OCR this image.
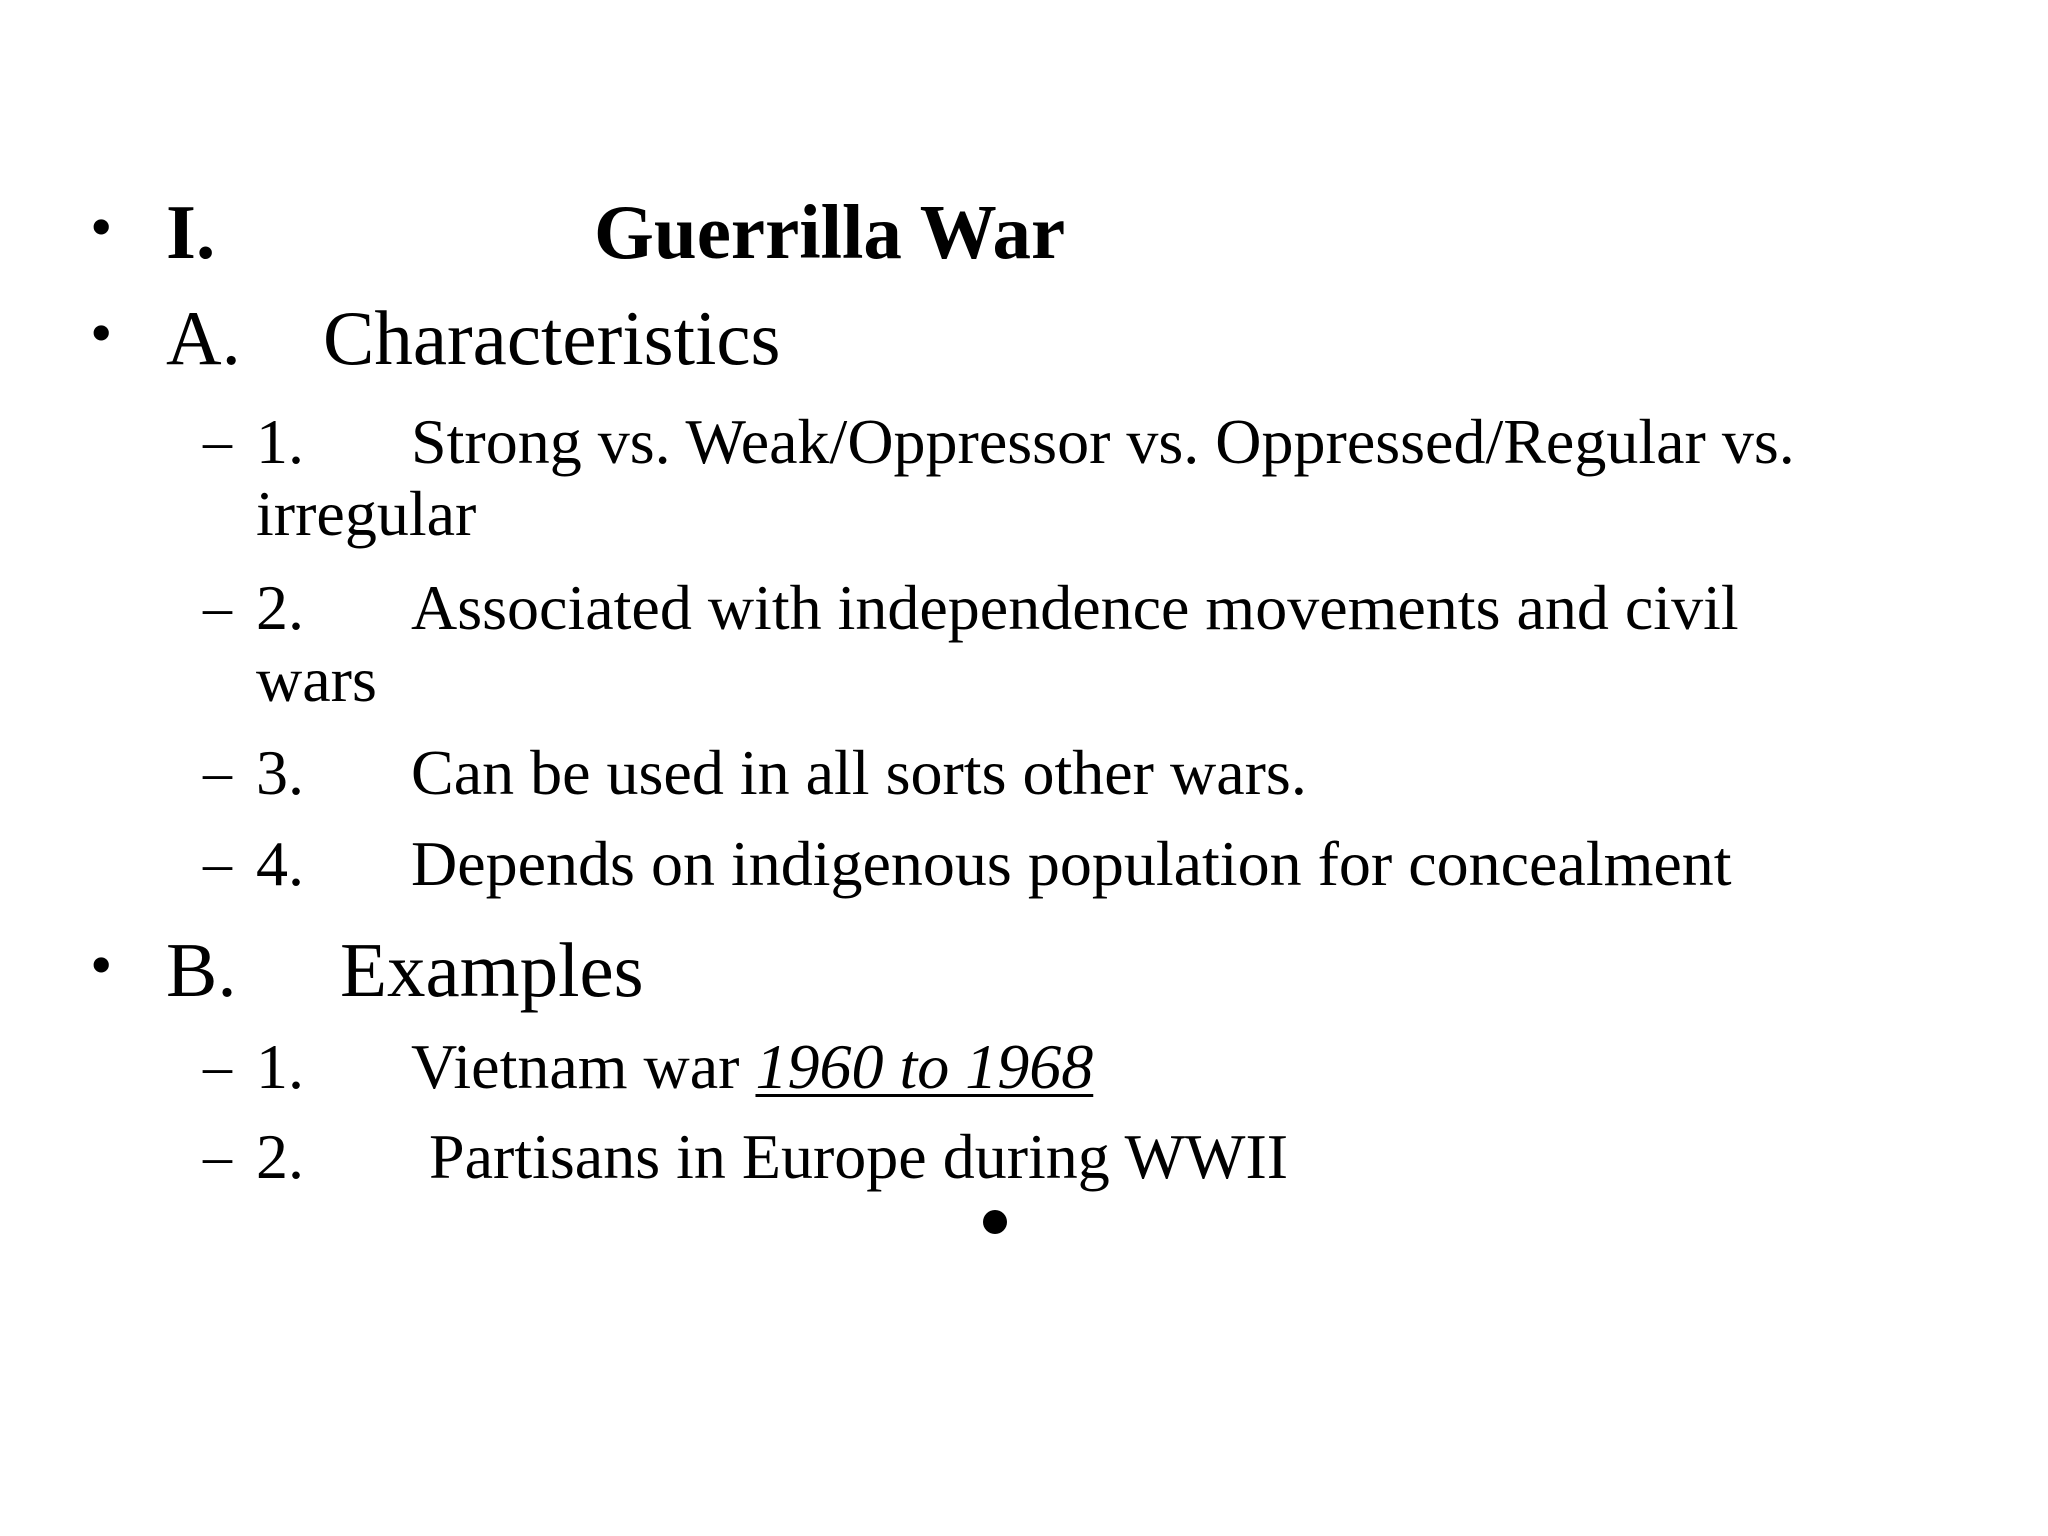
• I.	Guerrilla War
• A. Characteristics
– 1. Strong vs. Weak/Oppressor vs. Oppressed/Regular vs.
irregular
– 2. Associated with independence movements and civil
wars
– 3. Can be used in all sorts other wars.
– 4. Depends on indigenous population for concealment
• B. Examples
– 1. Vietnam war 1960 to 1968
– 2. Partisans in Europe during WWII
